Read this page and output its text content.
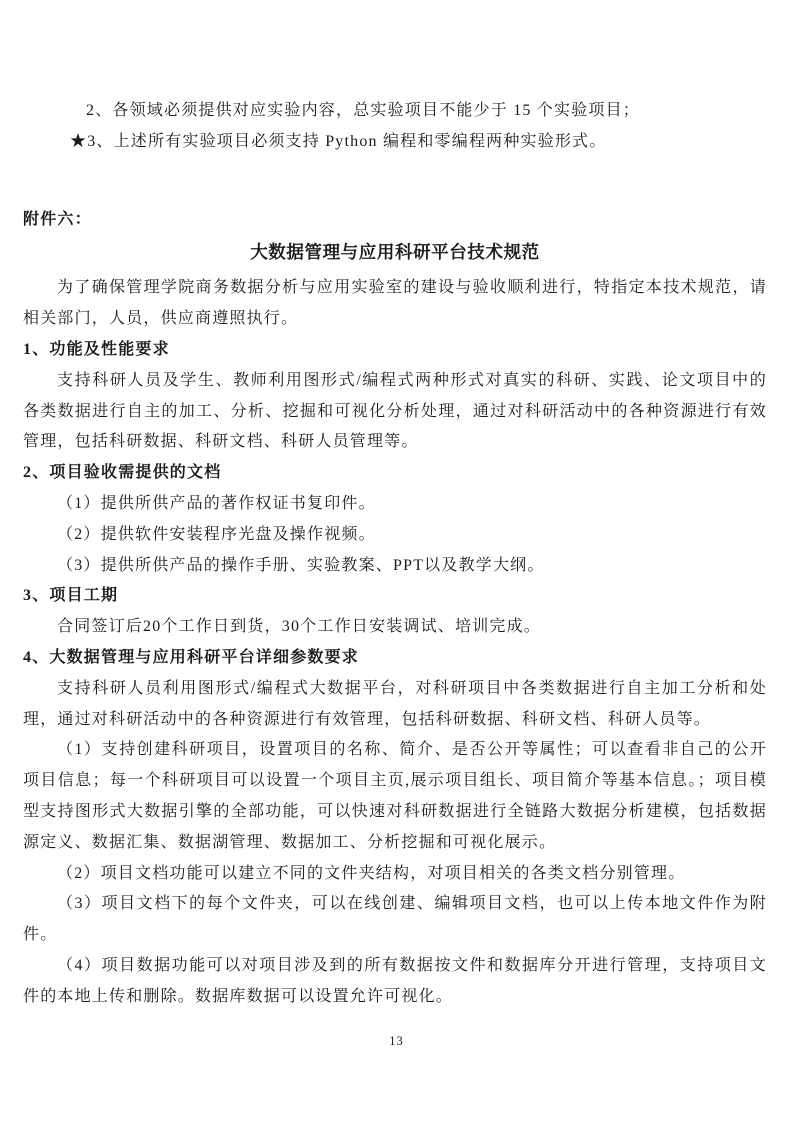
2、各领域必须提供对应实验内容，总实验项目不能少于 15 个实验项目；

★3、上述所有实验项目必须支持 Python 编程和零编程两种实验形式。

附件六：

大数据管理与应用科研平台技术规范

为了确保管理学院商务数据分析与应用实验室的建设与验收顺利进行，特指定本技术规范，请相关部门，人员，供应商遵照执行。

1、功能及性能要求

支持科研人员及学生、教师利用图形式/编程式两种形式对真实的科研、实践、论文项目中的各类数据进行自主的加工、分析、挖掘和可视化分析处理，通过对科研活动中的各种资源进行有效管理，包括科研数据、科研文档、科研人员管理等。

2、项目验收需提供的文档

（1）提供所供产品的著作权证书复印件。

（2）提供软件安装程序光盘及操作视频。

（3）提供所供产品的操作手册、实验教案、PPT以及教学大纲。

3、项目工期

合同签订后20个工作日到货，30个工作日安装调试、培训完成。

4、大数据管理与应用科研平台详细参数要求

支持科研人员利用图形式/编程式大数据平台，对科研项目中各类数据进行自主加工分析和处理，通过对科研活动中的各种资源进行有效管理，包括科研数据、科研文档、科研人员等。

（1）支持创建科研项目，设置项目的名称、简介、是否公开等属性；可以查看非自己的公开项目信息；每一个科研项目可以设置一个项目主页,展示项目组长、项目简介等基本信息。；项目模型支持图形式大数据引擎的全部功能，可以快速对科研数据进行全链路大数据分析建模，包括数据源定义、数据汇集、数据湖管理、数据加工、分析挖掘和可视化展示。

（2）项目文档功能可以建立不同的文件夹结构，对项目相关的各类文档分别管理。

（3）项目文档下的每个文件夹，可以在线创建、编辑项目文档，也可以上传本地文件作为附件。

（4）项目数据功能可以对项目涉及到的所有数据按文件和数据库分开进行管理，支持项目文件的本地上传和删除。数据库数据可以设置允许可视化。

13
